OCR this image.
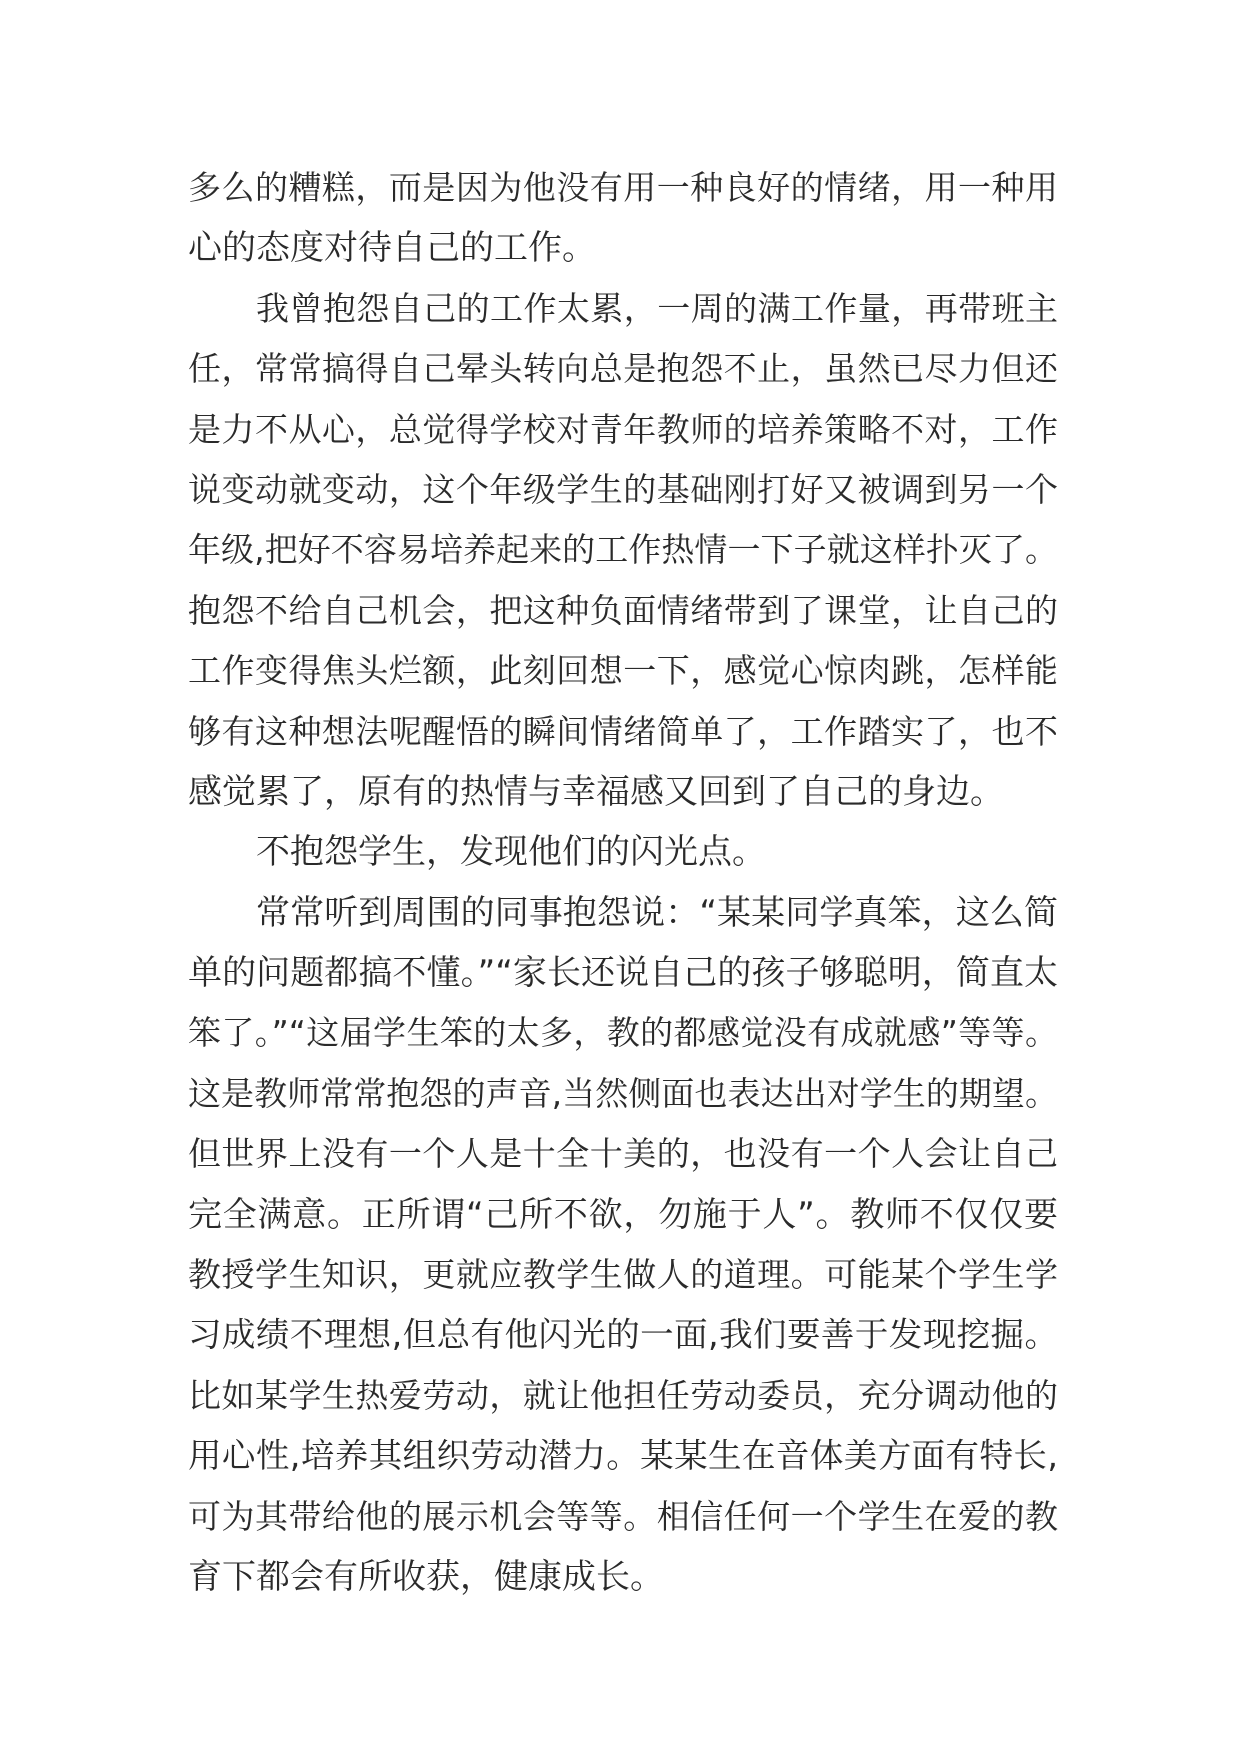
多么的糟糕，而是因为他没有用一种良好的情绪，用一种用
心的态度对待自己的工作。
我曾抱怨自己的工作太累，一周的满工作量，再带班主
任，常常搞得自己晕头转向总是抱怨不止，虽然已尽力但还
是力不从心，总觉得学校对青年教师的培养策略不对，工作
说变动就变动，这个年级学生的基础刚打好又被调到另一个
年级,把好不容易培养起来的工作热情一下子就这样扑灭了。
抱怨不给自己机会，把这种负面情绪带到了课堂，让自己的
工作变得焦头烂额，此刻回想一下，感觉心惊肉跳，怎样能
够有这种想法呢醒悟的瞬间情绪简单了，工作踏实了，也不
感觉累了，原有的热情与幸福感又回到了自己的身边。
不抱怨学生，发现他们的闪光点。
常常听到周围的同事抱怨说：“某某同学真笨，这么简
单的问题都搞不懂。”“家长还说自己的孩子够聪明，简直太
笨了。”“这届学生笨的太多，教的都感觉没有成就感”等等。
这是教师常常抱怨的声音,当然侧面也表达出对学生的期望。
但世界上没有一个人是十全十美的，也没有一个人会让自己
完全满意。正所谓“己所不欲，勿施于人”。教师不仅仅要
教授学生知识，更就应教学生做人的道理。可能某个学生学
习成绩不理想,但总有他闪光的一面,我们要善于发现挖掘。
比如某学生热爱劳动，就让他担任劳动委员，充分调动他的
用心性,培养其组织劳动潜力。某某生在音体美方面有特长,
可为其带给他的展示机会等等。相信任何一个学生在爱的教
育下都会有所收获，健康成长。
